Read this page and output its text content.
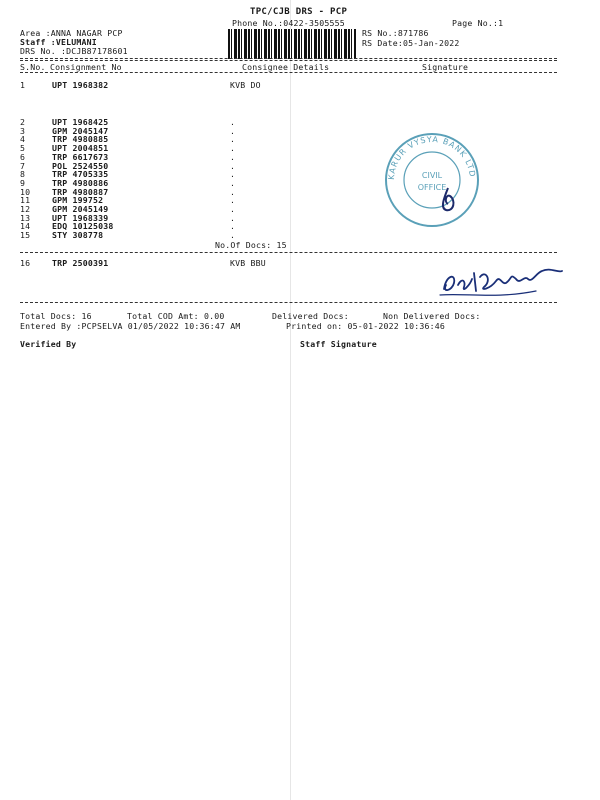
TPC/CJB DRS - PCP
Phone No.:0422-3505555	Page No.:1
Area :ANNA NAGAR PCP
Staff :VELUMANI
DRS No. :DCJB87178601
RS No.:871786
RS Date:05-Jan-2022
S.No. Consignment No	Consignee Details	Signature
1	UPT 1968382	KVB DO
2	UPT 1968425	.
3	GPM 2045147	.
4	TRP 4980885	.
5	UPT 2004851	.
6	TRP 6617673	.
7	POL 2524550	.
8	TRP 4705335	.
9	TRP 4980886	.
10	TRP 4980887	.
11	GPM 199752	.
12	GPM 2045149	.
13	UPT 1968339	.
14	EDQ 10125038	.
15	STY 308778	.
No.Of Docs: 15
16	TRP 2500391	KVB BBU
Total Docs: 16	Total COD Amt: 0.00	Delivered Docs:	Non Delivered Docs:
Entered By :PCPSELVA 01/05/2022 10:36:47 AM	Printed on: 05-01-2022 10:36:46
Verified By	Staff Signature
KARUR VYSYA BANK LTD
CIVIL
OFFICE
